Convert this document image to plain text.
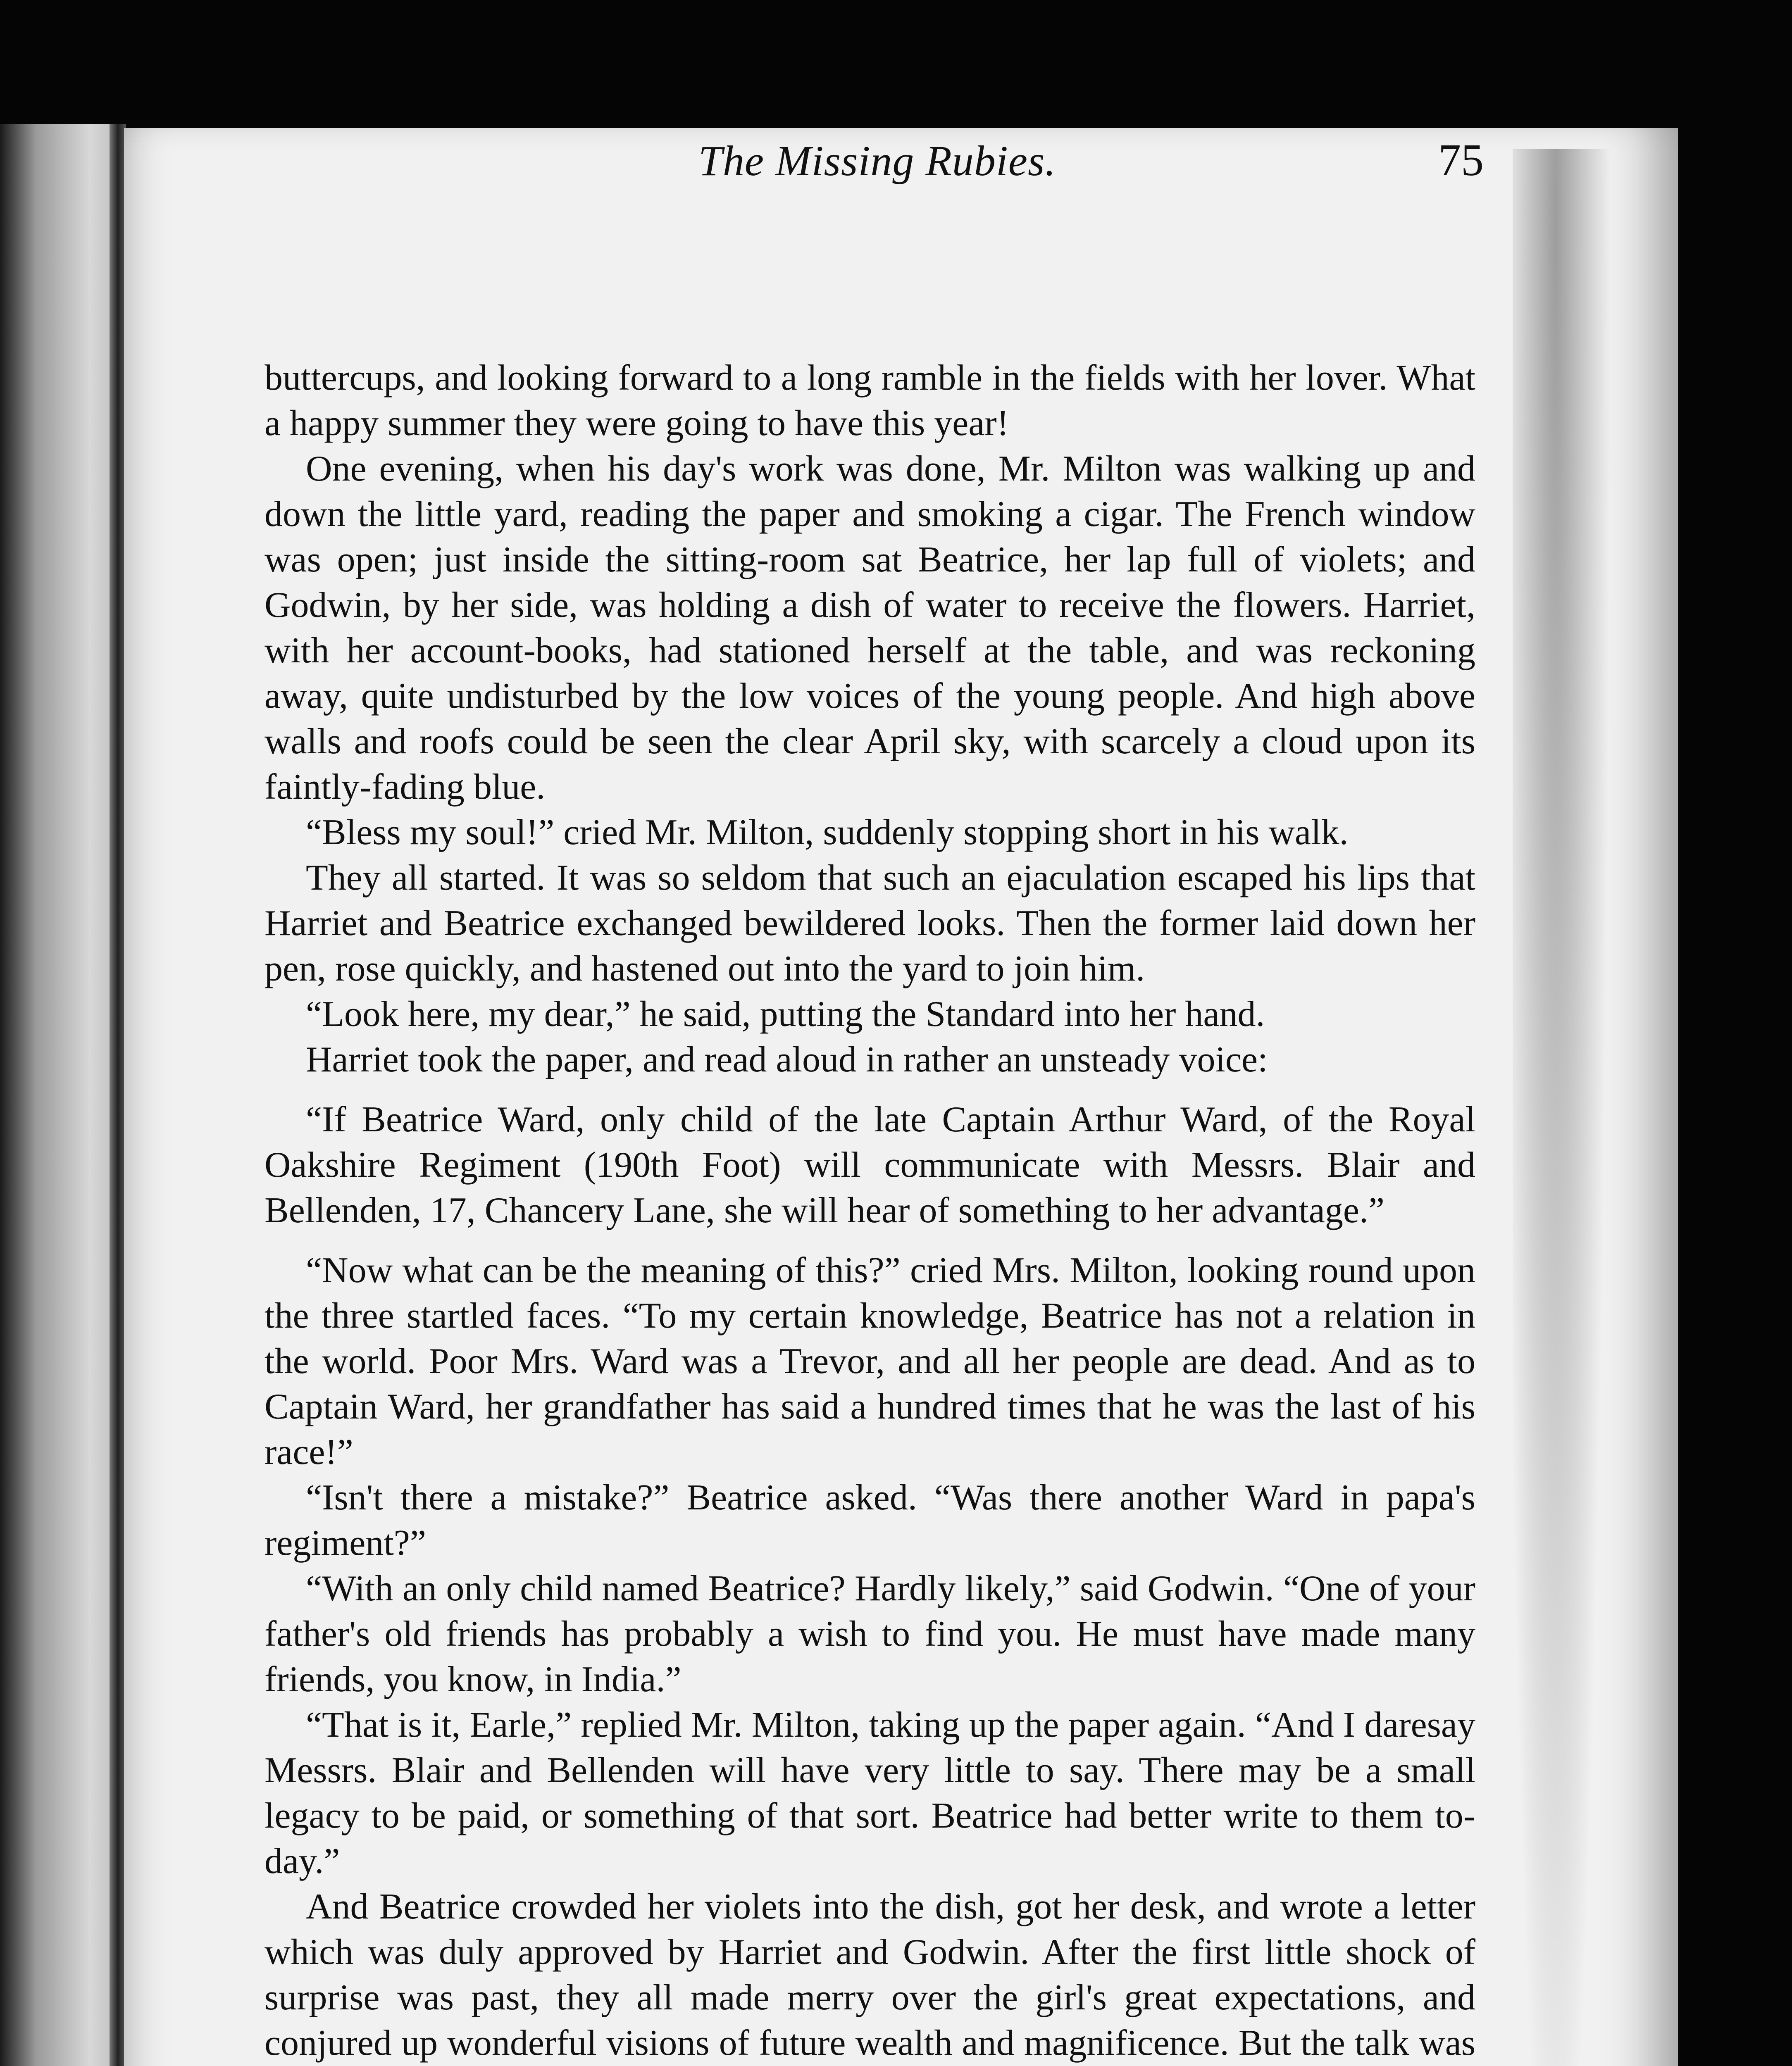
The Missing Rubies.	75

buttercups, and looking forward to a long ramble in the fields with her lover. What a happy summer they were going to have this year!

One evening, when his day's work was done, Mr. Milton was walking up and down the little yard, reading the paper and smoking a cigar. The French window was open; just inside the sitting-room sat Beatrice, her lap full of violets; and Godwin, by her side, was holding a dish of water to receive the flowers. Harriet, with her account-books, had stationed herself at the table, and was reckoning away, quite undisturbed by the low voices of the young people. And high above walls and roofs could be seen the clear April sky, with scarcely a cloud upon its faintly-fading blue.

“Bless my soul!” cried Mr. Milton, suddenly stopping short in his walk.

They all started. It was so seldom that such an ejaculation escaped his lips that Harriet and Beatrice exchanged bewildered looks. Then the former laid down her pen, rose quickly, and hastened out into the yard to join him.

“Look here, my dear,” he said, putting the Standard into her hand.

Harriet took the paper, and read aloud in rather an unsteady voice:

“If Beatrice Ward, only child of the late Captain Arthur Ward, of the Royal Oakshire Regiment (190th Foot) will communicate with Messrs. Blair and Bellenden, 17, Chancery Lane, she will hear of something to her advantage.”

“Now what can be the meaning of this?” cried Mrs. Milton, looking round upon the three startled faces. “To my certain knowledge, Beatrice has not a relation in the world. Poor Mrs. Ward was a Trevor, and all her people are dead. And as to Captain Ward, her grandfather has said a hundred times that he was the last of his race!”

“Isn't there a mistake?” Beatrice asked. “Was there another Ward in papa's regiment?”

“With an only child named Beatrice? Hardly likely,” said Godwin. “One of your father's old friends has probably a wish to find you. He must have made many friends, you know, in India.”

“That is it, Earle,” replied Mr. Milton, taking up the paper again. “And I daresay Messrs. Blair and Bellenden will have very little to say. There may be a small legacy to be paid, or something of that sort. Beatrice had better write to them to-day.”

And Beatrice crowded her violets into the dish, got her desk, and wrote a letter which was duly approved by Harriet and Godwin. After the first little shock of surprise was past, they all made merry over the girl's great expectations, and conjured up wonderful visions of future wealth and magnificence. But the talk was
